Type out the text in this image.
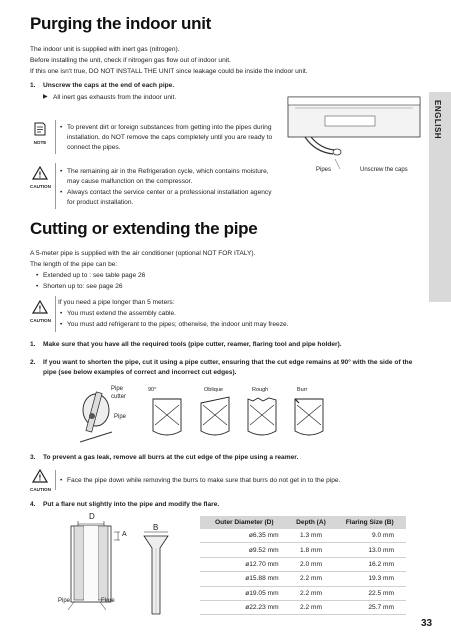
Purging the indoor unit
The indoor unit is supplied with inert gas (nitrogen).
Before installing the unit, check if nitrogen gas flow out of indoor unit.
If this one isn't true, DO NOT INSTALL THE UNIT since leakage could be inside the indoor unit.
1. Unscrew the caps at the end of each pipe.
▶ All inert gas exhausts from the indoor unit.
NOTE
• To prevent dirt or foreign substances from getting into the pipes during
installation, do NOT remove the caps completely until you are ready to
connect the pipes.
!
CAUTION
• The remaining air in the Refrigeration cycle, which contains moisture,
may cause malfunction on the compressor.
• Always contact the service center or a professional installation agency
for product installation.
Pipes	Unscrew the caps
ENGLISH
Cutting or extending the pipe
A 5-meter pipe is supplied with the air conditioner (optional NOT FOR ITALY).
The length of the pipe can be:
• Extended up to : see table page 26
• Shorten up to: see page 26
!
CAUTION
If you need a pipe longer than 5 meters:
• You must extend the assembly cable.
• You must add refrigerant to the pipes; otherwise, the indoor unit may freeze.
1. Make sure that you have all the required tools (pipe cutter, reamer, flaring tool and pipe holder).
2. If you want to shorten the pipe, cut it using a pipe cutter, ensuring that the cut edge remains at 90° with the side of the
pipe (see below examples of correct and incorrect cut edges).
Pipe
cutter
Pipe
90°	Oblique	Rough	Burr
3. To prevent a gas leak, remove all burrs at the cut edge of the pipe using a reamer.
!
CAUTION
• Face the pipe down while removing the burrs to make sure that burrs do not get in to the pipe.
4. Put a flare nut slightly into the pipe and modify the flare.
D
A
B
Pipe	Flare
Outer Diameter (D)	Depth (A)	Flaring Size (B)
ø6.35 mm	1.3 mm	9.0 mm
ø9.52 mm	1.8 mm	13.0 mm
ø12.70 mm	2.0 mm	16.2 mm
ø15.88 mm	2.2 mm	19.3 mm
ø19.05 mm	2.2 mm	22.5 mm
ø22.23 mm	2.2 mm	25.7 mm
33
